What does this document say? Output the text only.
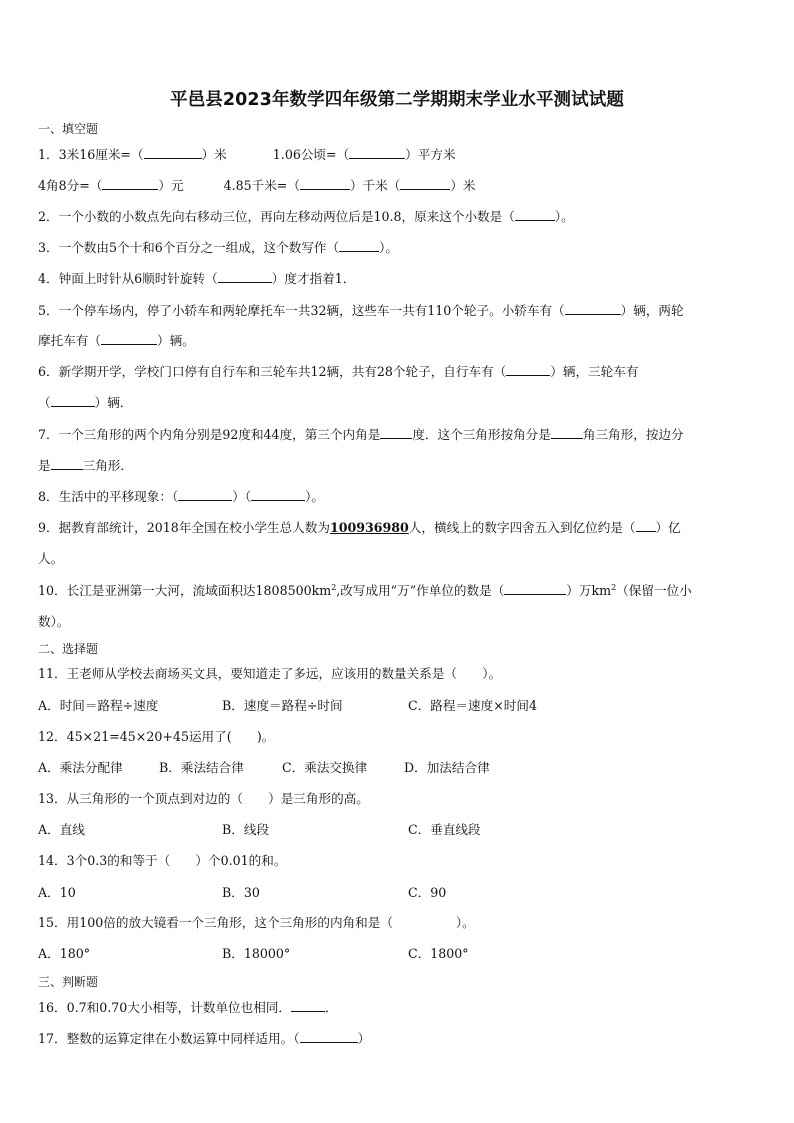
平邑县2023年数学四年级第二学期期末学业水平测试试题
一、填空题
1．3米16厘米=（	）米	1.06公顷=（	）平方米
4角8分=（	）元	4.85千米=（	）千米（	）米
2．一个小数的小数点先向右移动三位，再向左移动两位后是10.8，原来这个小数是（	）。
3．一个数由5个十和6个百分之一组成，这个数写作（	）。
4．钟面上时针从6顺时针旋转（	）度才指着1．
5．一个停车场内，停了小轿车和两轮摩托车一共32辆，这些车一共有110个轮子。小轿车有（	）辆，两轮
摩托车有（	）辆。
6．新学期开学，学校门口停有自行车和三轮车共12辆，共有28个轮子，自行车有（	）辆，三轮车有
（	）辆．
7．一个三角形的两个内角分别是92度和44度，第三个内角是	度．这个三角形按角分是	角三角形，按边分
是	三角形．
8．生活中的平移现象：（	）（	）。
9．据教育部统计，2018年全国在校小学生总人数为100936980人，横线上的数字四舍五入到亿位约是（ ）亿
人。
10．长江是亚洲第一大河，流域面积达$1808500km^2$,改写成用“万”作单位的数是（	）万$km^2$（保留一位小
数）。
二、选择题
11．王老师从学校去商场买文具，要知道走了多远，应该用的数量关系是（　　）。
A．时间＝路程÷速度	B．速度＝路程÷时间	C．路程＝速度×时间4
12．45×21=45×20+45运用了(　　)。
A．乘法分配律	B．乘法结合律	C．乘法交换律	D．加法结合律
13．从三角形的一个顶点到对边的（　　）是三角形的高。
A．直线	B．线段	C．垂直线段
14．3个0.3的和等于（　　）个0.01的和。
A．10	B．30	C．90
15．用100倍的放大镜看一个三角形，这个三角形的内角和是（　　　　　）。
A．180°	B．18000°	C．1800°
三、判断题
16．0.7和0.70大小相等，计数单位也相同．	．
17．整数的运算定律在小数运算中同样适用。（	）
